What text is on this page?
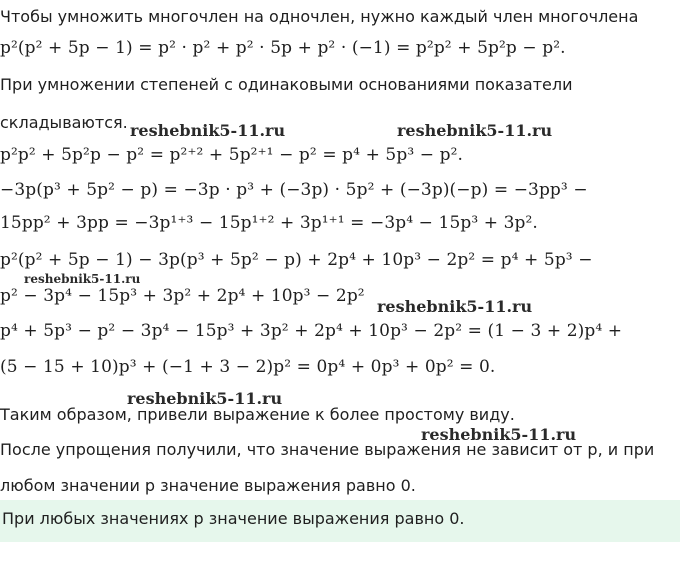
Чтобы умножить многочлен на одночлен, нужно каждый член многочлена
p²(p² + 5p − 1) = p² · p² + p² · 5p + p² · (−1) = p²p² + 5p²p − p².
При умножении степеней с одинаковыми основаниями показатели
складываются.
p²p² + 5p²p − p² = p²⁺² + 5p²⁺¹ − p² = p⁴ + 5p³ − p².
−3p(p³ + 5p² − p) = −3p · p³ + (−3p) · 5p² + (−3p)(−p) = −3pp³ −
15pp² + 3pp = −3p¹⁺³ − 15p¹⁺² + 3p¹⁺¹ = −3p⁴ − 15p³ + 3p².
p²(p² + 5p − 1) − 3p(p³ + 5p² − p) + 2p⁴ + 10p³ − 2p² = p⁴ + 5p³ −
p² − 3p⁴ − 15p³ + 3p² + 2p⁴ + 10p³ − 2p²
p⁴ + 5p³ − p² − 3p⁴ − 15p³ + 3p² + 2p⁴ + 10p³ − 2p² = (1 − 3 + 2)p⁴ +
(5 − 15 + 10)p³ + (−1 + 3 − 2)p² = 0p⁴ + 0p³ + 0p² = 0.
Таким образом, привели выражение к более простому виду.
После упрощения получили, что значение выражения не зависит от p, и при
любом значении p значение выражения равно 0.
При любых значениях p значение выражения равно 0.
reshebnik5-11.ru	reshebnik5-11.ru
reshebnik5-11.ru
reshebnik5-11.ru
reshebnik5-11.ru
reshebnik5-11.ru
